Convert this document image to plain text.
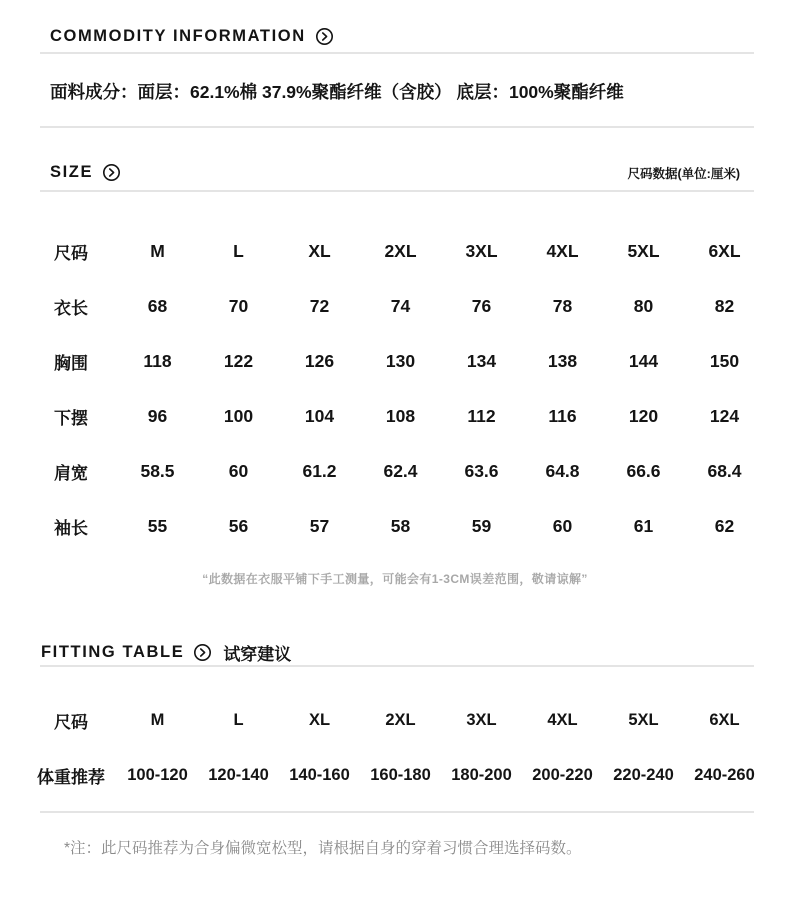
COMMODITY INFORMATION
面料成分：面层：62.1%棉 37.9%聚酯纤维（含胶） 底层：100%聚酯纤维
SIZE	尺码数据(单位:厘米)
尺码	M	L	XL	2XL	3XL	4XL	5XL	6XL
衣长	68	70	72	74	76	78	80	82
胸围	118	122	126	130	134	138	144	150
下摆	96	100	104	108	112	116	120	124
肩宽	58.5	60	61.2	62.4	63.6	64.8	66.6	68.4
袖长	55	56	57	58	59	60	61	62
“此数据在衣服平铺下手工测量，可能会有1-3CM误差范围，敬请谅解”
FITTING TABLE 试穿建议
尺码	M	L	XL	2XL	3XL	4XL	5XL	6XL
体重推荐	100-120	120-140	140-160	160-180	180-200	200-220	220-240	240-260
*注：此尺码推荐为合身偏微宽松型，请根据自身的穿着习惯合理选择码数。
